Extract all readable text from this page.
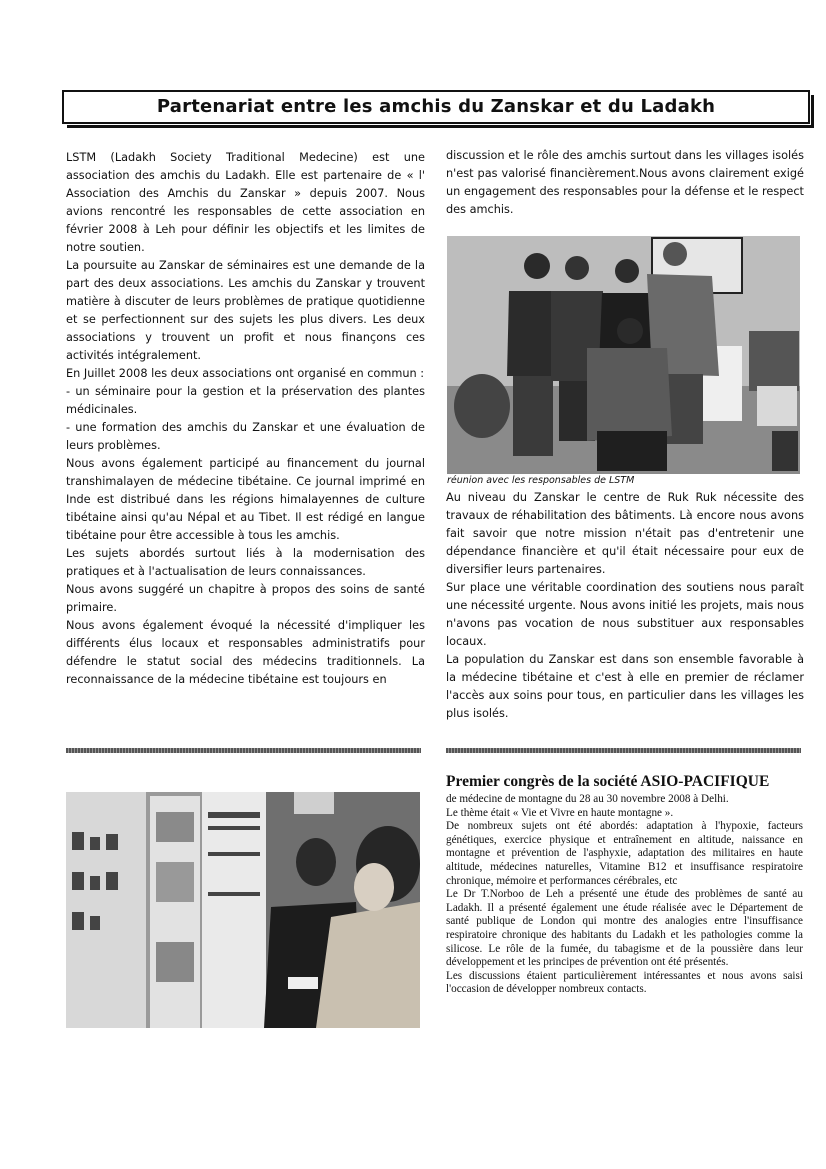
Partenariat entre les amchis du Zanskar et du Ladakh

LSTM (Ladakh Society Traditional Medecine) est une association des amchis du Ladakh. Elle est partenaire de « l' Association des Amchis du Zanskar » depuis 2007. Nous avions rencontré les responsables de cette association en février 2008 à Leh pour définir les objectifs et les limites de notre soutien.

La poursuite au Zanskar de séminaires est une demande de la part des deux associations. Les amchis du Zanskar y trouvent matière à discuter de leurs problèmes de pratique quotidienne et se perfectionnent sur des sujets les plus divers. Les deux associations y trouvent un profit et nous finançons ces activités intégralement.

En Juillet 2008 les deux associations ont organisé en commun :

- un séminaire pour la gestion et la préservation des plantes médicinales.

- une formation des amchis du Zanskar et une évaluation de leurs problèmes.

Nous avons également participé au financement du journal transhimalayen de médecine tibétaine. Ce journal imprimé en Inde est distribué dans les régions himalayennes de culture tibétaine ainsi qu'au Népal et au Tibet. Il est rédigé en langue tibétaine pour être accessible à tous les amchis.

Les sujets abordés surtout liés à la modernisation des pratiques et à l'actualisation de leurs connaissances.

Nous avons suggéré un chapitre à propos des soins de santé primaire.

Nous avons également évoqué la nécessité d'impliquer les différents élus locaux et responsables administratifs pour défendre le statut social des médecins traditionnels. La reconnaissance de la médecine tibétaine est toujours en

discussion et le rôle des amchis surtout dans les villages isolés n'est pas valorisé financièrement.Nous avons clairement exigé un engagement des responsables pour la défense et le respect des amchis.

réunion avec les responsables de LSTM

Au niveau du Zanskar le centre de Ruk Ruk nécessite des travaux de réhabilitation des bâtiments. Là encore nous avons fait savoir que notre mission n'était pas d'entretenir une dépendance financière et qu'il était nécessaire pour eux de diversifier leurs partenaires.

Sur place une véritable coordination des soutiens nous paraît une nécessité urgente. Nous avons initié les projets, mais nous n'avons pas vocation de nous substituer aux responsables locaux.

La population du Zanskar est dans son ensemble favorable à la médecine tibétaine et c'est à elle en premier de réclamer l'accès aux soins pour tous, en particulier dans les villages les plus isolés.

Premier congrès de la société ASIO-PACIFIQUE

de médecine de montagne du 28 au 30 novembre 2008 à Delhi.

Le thème était « Vie et Vivre en haute montagne ».

De nombreux sujets ont été abordés: adaptation à l'hypoxie, facteurs génétiques, exercice physique et entraînement en altitude, naissance en montagne et prévention de l'asphyxie, adaptation des militaires en haute altitude, médecines naturelles, Vitamine B12 et insuffisance respiratoire chronique, mémoire et performances cérébrales, etc

Le Dr T.Norboo de Leh a présenté une étude des problèmes de santé au Ladakh. Il a présenté également une étude réalisée avec le Département de santé publique de London qui montre des analogies entre l'insuffisance respiratoire chronique des habitants du Ladakh et les pathologies comme la silicose. Le rôle de la fumée, du tabagisme et de la poussière dans leur développement et les principes de prévention ont été présentés.

Les discussions étaient particulièrement intéressantes et nous avons saisi l'occasion de développer nombreux contacts.
